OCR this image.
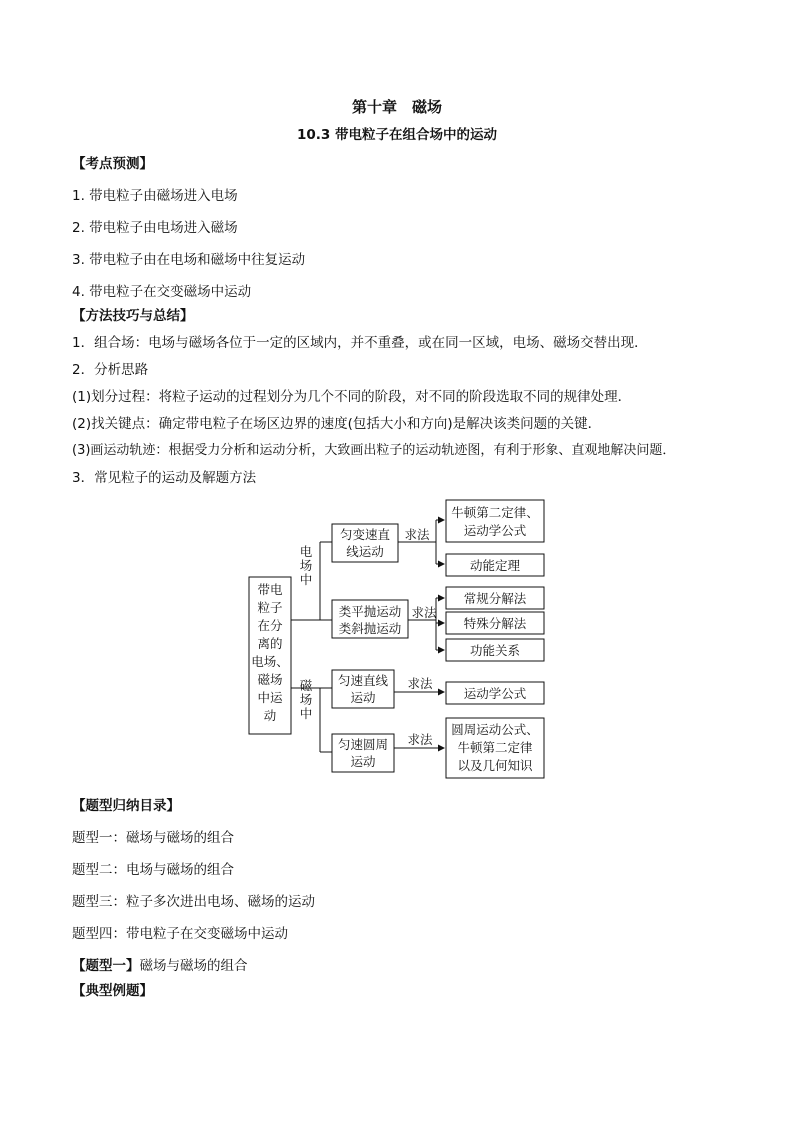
第十章　磁场
10.3 带电粒子在组合场中的运动
【考点预测】
1. 带电粒子由磁场进入电场
2. 带电粒子由电场进入磁场
3. 带电粒子由在电场和磁场中往复运动
4. 带电粒子在交变磁场中运动
【方法技巧与总结】
1．组合场：电场与磁场各位于一定的区域内，并不重叠，或在同一区域，电场、磁场交替出现．
2．分析思路
(1)划分过程：将粒子运动的过程划分为几个不同的阶段，对不同的阶段选取不同的规律处理．
(2)找关键点：确定带电粒子在场区边界的速度(包括大小和方向)是解决该类问题的关键．
(3)画运动轨迹：根据受力分析和运动分析，大致画出粒子的运动轨迹图，有利于形象、直观地解决问题．
3．常见粒子的运动及解题方法
带电
粒子
在分
离的
电场、
磁场
中运
动
电
场
中
磁
场
中
匀变速直
线运动
类平抛运动
类斜抛运动
匀速直线
运动
匀速圆周
运动
求法
求法
求法
求法
牛顿第二定律、
运动学公式
动能定理
常规分解法
特殊分解法
功能关系
运动学公式
圆周运动公式、
牛顿第二定律
以及几何知识
【题型归纳目录】
题型一：磁场与磁场的组合
题型二：电场与磁场的组合
题型三：粒子多次进出电场、磁场的运动
题型四：带电粒子在交变磁场中运动
【题型一】磁场与磁场的组合
【典型例题】
